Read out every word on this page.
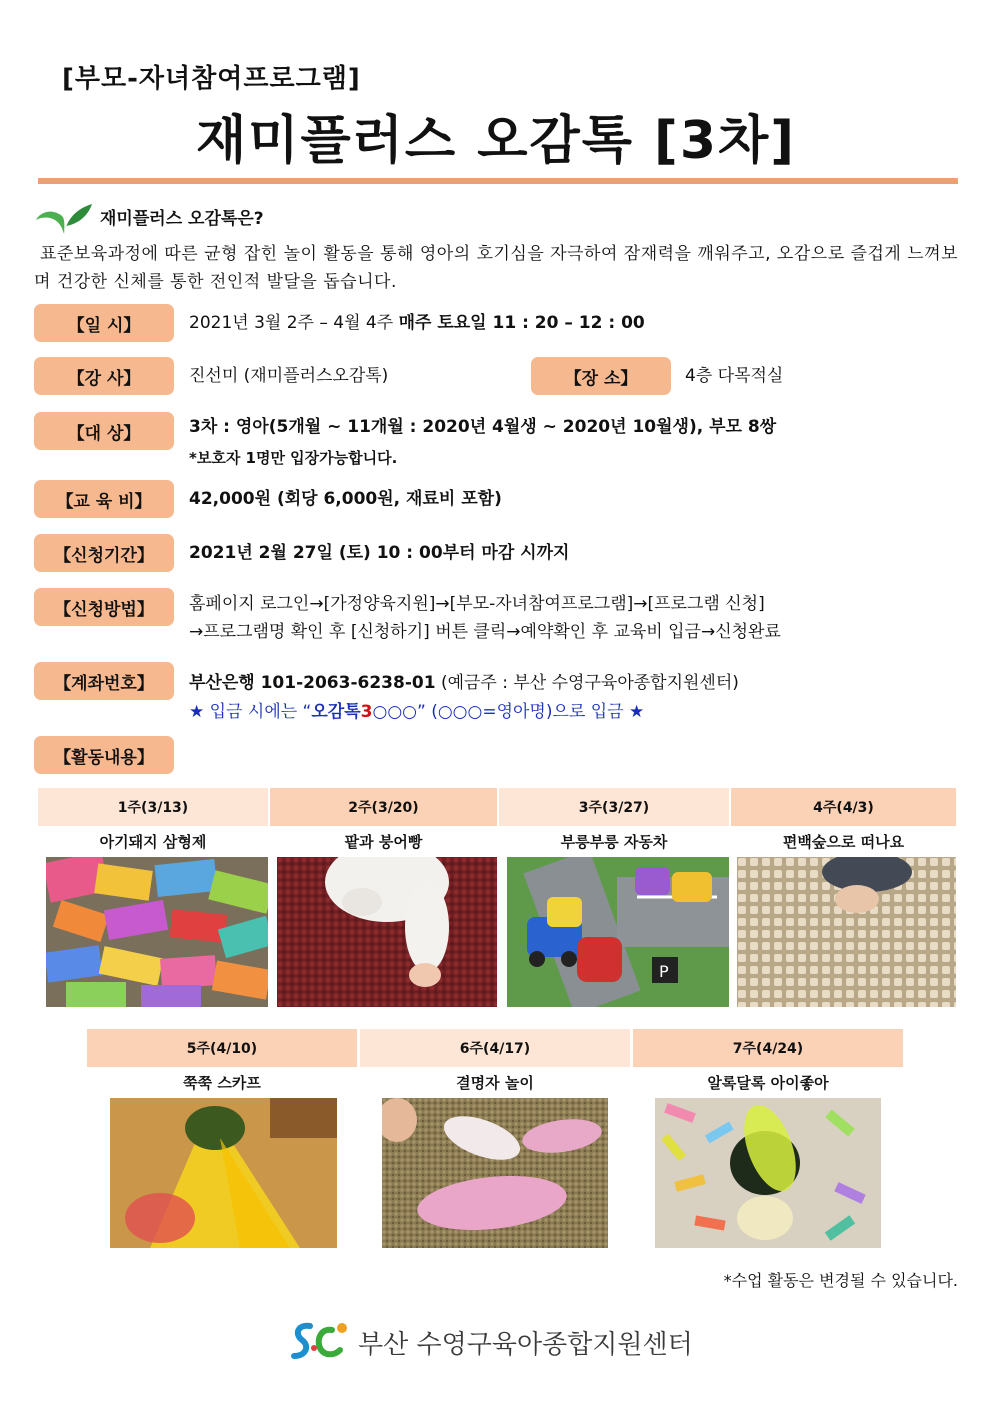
[부모-자녀참여프로그램]
재미플러스 오감톡 [3차]
재미플러스 오감톡은?
표준보육과정에 따른 균형 잡힌 놀이 활동을 통해 영아의 호기심을 자극하여 잠재력을 깨워주고, 오감으로 즐겁게 느껴보며 건강한 신체를 통한 전인적 발달을 돕습니다.
【일 시】	2021년 3월 2주 – 4월 4주 매주 토요일 11 : 20 – 12 : 00
【강 사】	진선미 (재미플러스오감톡)	【장 소】	4층 다목적실
【대 상】	3차 : 영아(5개월 ~ 11개월 : 2020년 4월생 ~ 2020년 10월생), 부모 8쌍
*보호자 1명만 입장가능합니다.
【교 육 비】	42,000원 (회당 6,000원, 재료비 포함)
【신청기간】	2021년 2월 27일 (토) 10 : 00부터 마감 시까지
【신청방법】	홈페이지 로그인→[가정양육지원]→[부모-자녀참여프로그램]→[프로그램 신청]
→프로그램명 확인 후 [신청하기] 버튼 클릭→예약확인 후 교육비 입금→신청완료
【계좌번호】	부산은행 101-2063-6238-01 (예금주 : 부산 수영구육아종합지원센터)
★ 입금 시에는 “오감톡3○○○” (○○○=영아명)으로 입금 ★
【활동내용】
1주(3/13)	2주(3/20)	3주(3/27)	4주(4/3)
아기돼지 삼형제	팥과 붕어빵	부릉부릉 자동차	편백숲으로 떠나요
P
5주(4/10)	6주(4/17)	7주(4/24)
쭉쭉 스카프	결명자 놀이	알록달록 아이좋아
*수업 활동은 변경될 수 있습니다.
부산 수영구육아종합지원센터
